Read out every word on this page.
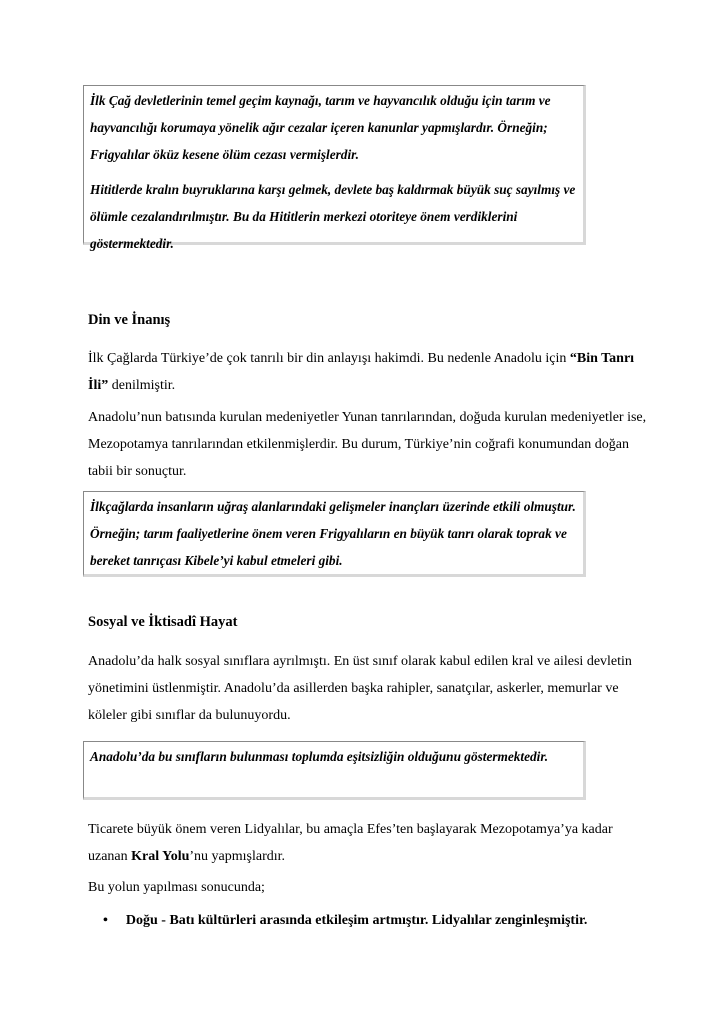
İlk Çağ devletlerinin temel geçim kaynağı, tarım ve hayvancılık olduğu için tarım ve hayvancılığı korumaya yönelik ağır cezalar içeren kanunlar yapmışlardır. Örneğin; Frigyalılar öküz kesene ölüm cezası vermişlerdir.

Hititlerde kralın buyruklarına karşı gelmek, devlete baş kaldırmak büyük suç sayılmış ve ölümle cezalandırılmıştır. Bu da Hititlerin merkezi otoriteye önem verdiklerini göstermektedir.

Din ve İnanış

İlk Çağlarda Türkiye’de çok tanrılı bir din anlayışı hakimdi. Bu nedenle Anadolu için “Bin Tanrı İli” denilmiştir.

Anadolu’nun batısında kurulan medeniyetler Yunan tanrılarından, doğuda kurulan medeniyetler ise, Mezopotamya tanrılarından etkilenmişlerdir. Bu durum, Türkiye’nin coğrafi konumundan doğan tabii bir sonuçtur.

İlkçağlarda insanların uğraş alanlarındaki gelişmeler inançları üzerinde etkili olmuştur. Örneğin; tarım faaliyetlerine önem veren Frigyalıların en büyük tanrı olarak toprak ve bereket tanrıçası Kibele’yi kabul etmeleri gibi.

Sosyal ve İktisadî Hayat

Anadolu’da halk sosyal sınıflara ayrılmıştı. En üst sınıf olarak kabul edilen kral ve ailesi devletin yönetimini üstlenmiştir. Anadolu’da asillerden başka rahipler, sanatçılar, askerler, memurlar ve köleler gibi sınıflar da bulunuyordu.

Anadolu’da bu sınıfların bulunması toplumda eşitsizliğin olduğunu göstermektedir.

Ticarete büyük önem veren Lidyalılar, bu amaçla Efes’ten başlayarak Mezopotamya’ya kadar uzanan Kral Yolu’nu yapmışlardır.

Bu yolun yapılması sonucunda;

• Doğu - Batı kültürleri arasında etkileşim artmıştır. Lidyalılar zenginleşmiştir.
